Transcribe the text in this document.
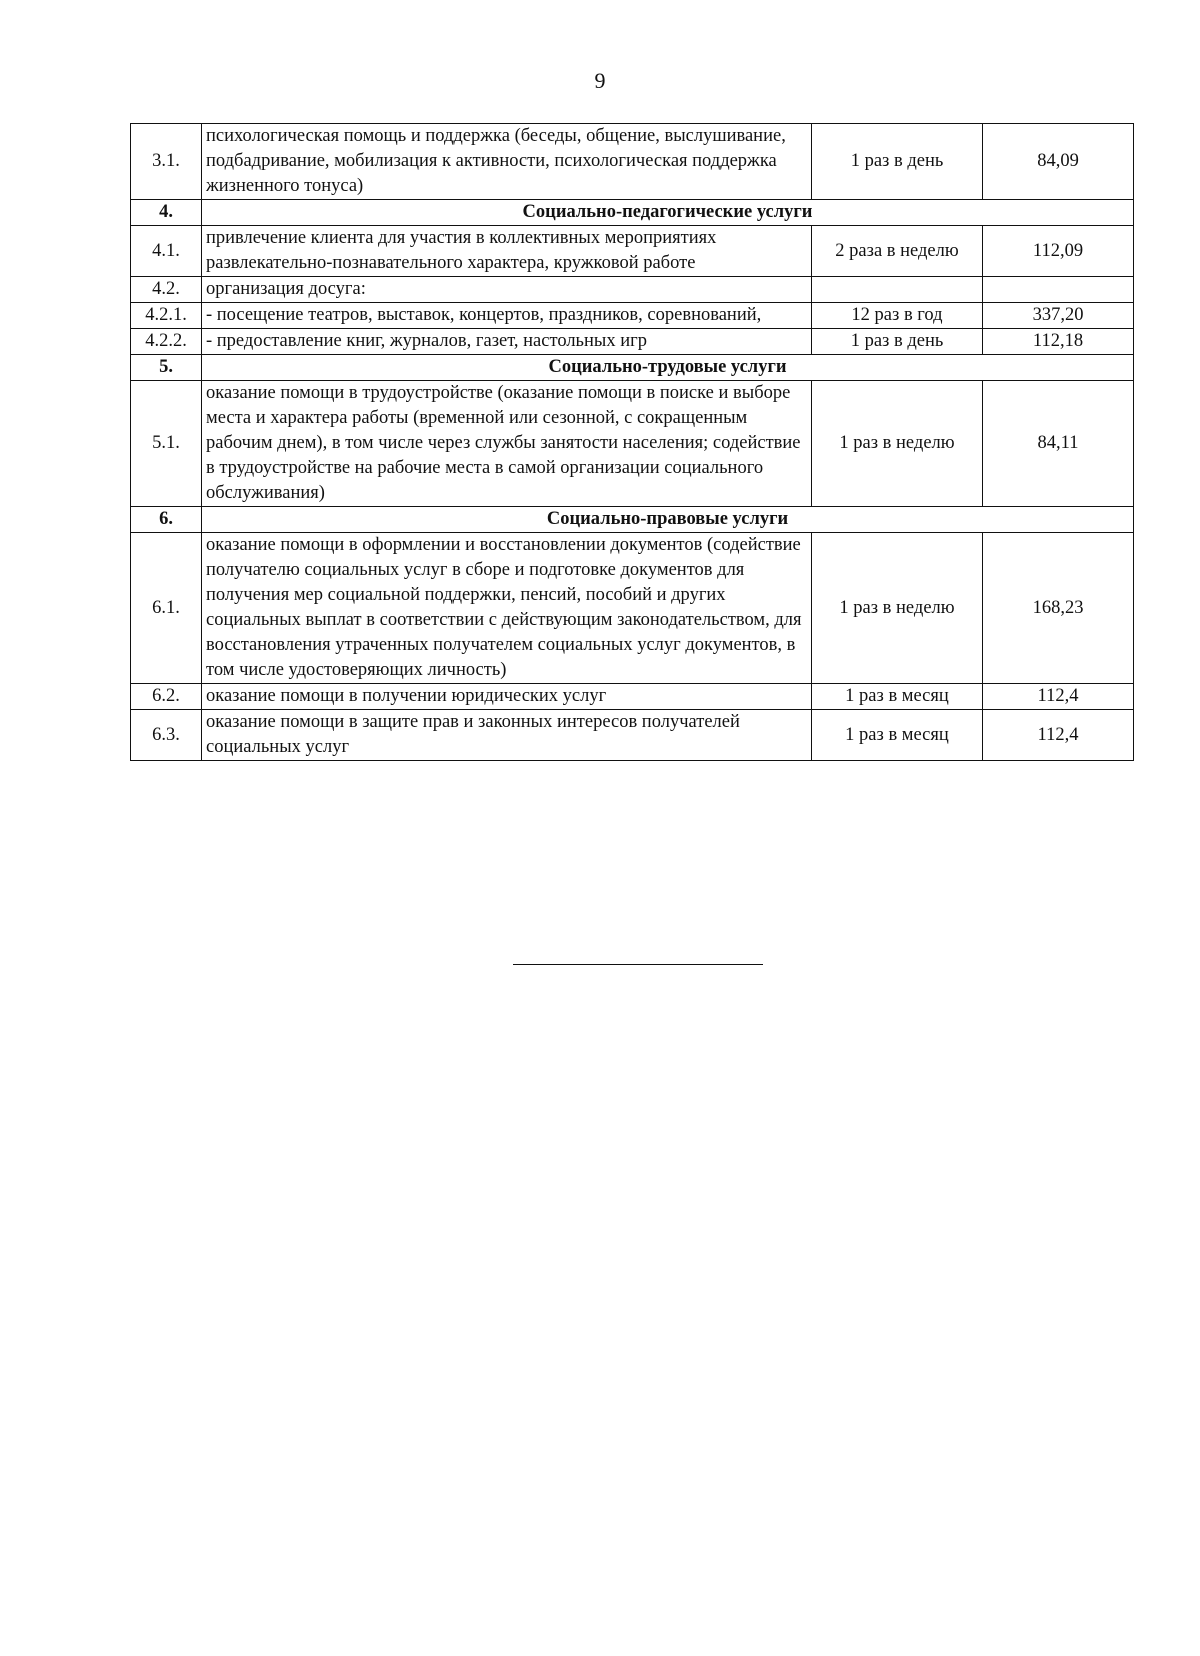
9
3.1.	психологическая помощь и поддержка (беседы, общение, выслушивание, подбадривание, мобилизация к активности, психологическая поддержка жизненного тонуса)	1 раз в день	84,09
4.	Социально-педагогические услуги		
4.1.	привлечение клиента для участия в коллективных мероприятиях развлекательно-познавательного характера, кружковой работе	2 раза в неделю	112,09
4.2.	организация досуга:		
4.2.1.	- посещение театров, выставок, концертов, праздников, соревнований,	12 раз в год	337,20
4.2.2.	- предоставление книг, журналов, газет, настольных игр	1 раз в день	112,18
5.	Социально-трудовые услуги		
5.1.	оказание помощи в трудоустройстве (оказание помощи в поиске и выборе места и характера работы (временной или сезонной, с сокращенным рабочим днем), в том числе через службы занятости населения; содействие в трудоустройстве на рабочие места в самой организации социального обслуживания)	1 раз в неделю	84,11
6.	Социально-правовые услуги		
6.1.	оказание помощи в оформлении и восстановлении документов (содействие получателю социальных услуг в сборе и подготовке документов для получения мер социальной поддержки, пенсий, пособий и других социальных выплат в соответствии с действующим законодательством, для восстановления утраченных получателем социальных услуг документов, в том числе удостоверяющих личность)	1 раз в неделю	168,23
6.2.	оказание помощи в получении юридических услуг	1 раз в месяц	112,4
6.3.	оказание помощи в защите прав и законных интересов получателей социальных услуг	1 раз в месяц	112,4
